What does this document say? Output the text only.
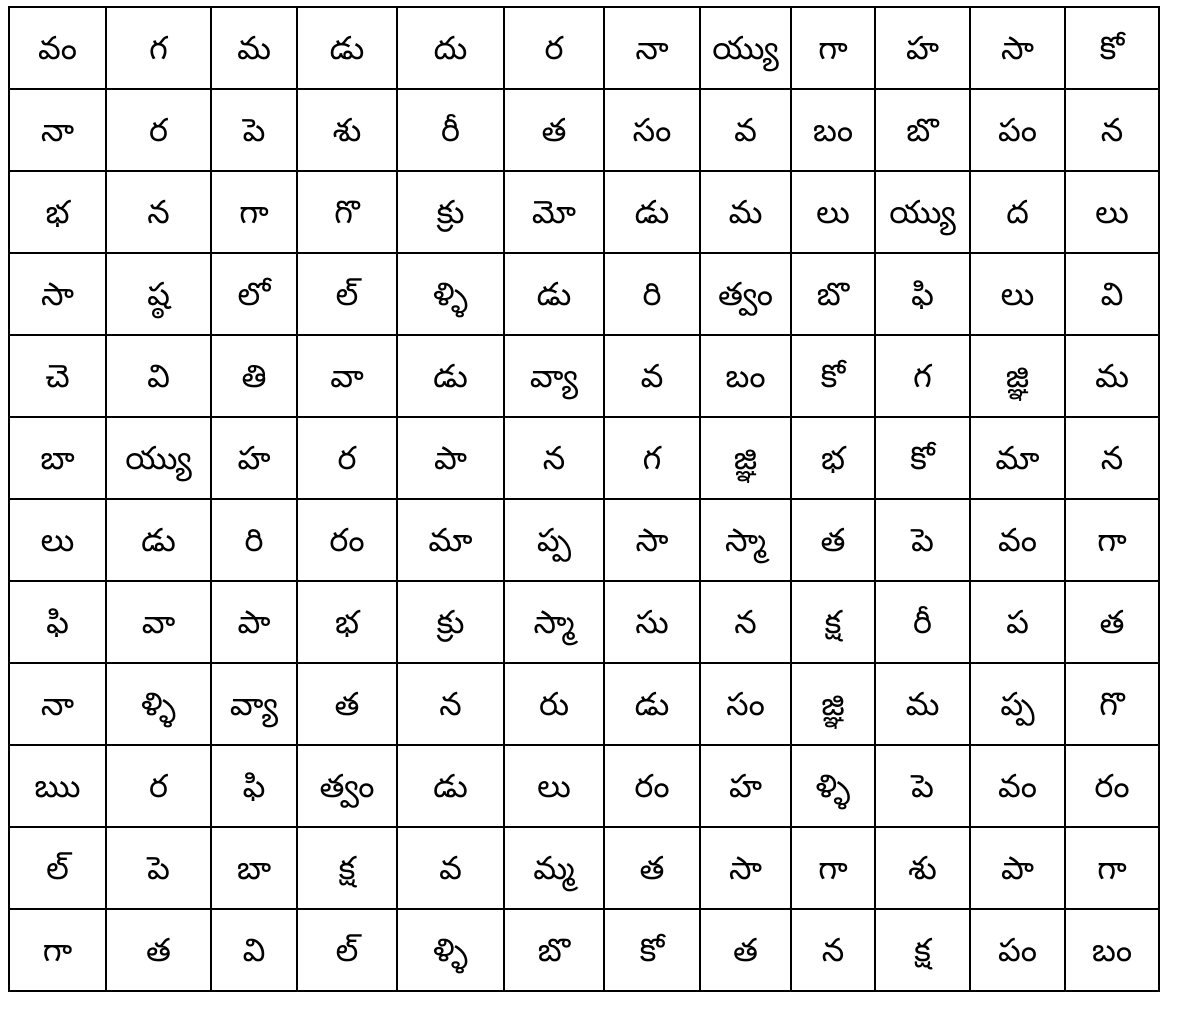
వం	గ	మ	డు	దు	ర	నా	య్యు	గా	హ	సా	కో
నా	ర	పె	శు	రీ	త	సం	వ	బం	బొ	పం	న
భ	న	గా	గొ	క్రు	మో	డు	మ	లు	య్యు	ద	లు
సా	ష్ఠ	లో	ల్	ళ్ళి	డు	రి	త్వం	బొ	ఫి	లు	వి
చె	వి	తి	వా	డు	వ్యా	వ	బం	కో	గ	జ్ఞి	మ
బా	య్యు	హ	ర	పా	న	గ	జ్ఞి	భ	కో	మా	న
లు	డు	రి	రం	మా	ప్ప	సా	స్మా	త	పె	వం	గా
ఫి	వా	పా	భ	క్రు	స్మా	సు	న	క్ష	రీ	ప	త
నా	ళ్ళి	వ్యా	త	న	రు	డు	సం	జ్ఞి	మ	ప్ప	గొ
ఋ	ర	ఫి	త్వం	డు	లు	రం	హ	ళ్ళి	పె	వం	రం
ల్	పె	బా	క్ష	వ	మ్మ	త	సా	గా	శు	పా	గా
గా	త	వి	ల్	ళ్ళి	బొ	కో	త	న	క్ష	పం	బం
